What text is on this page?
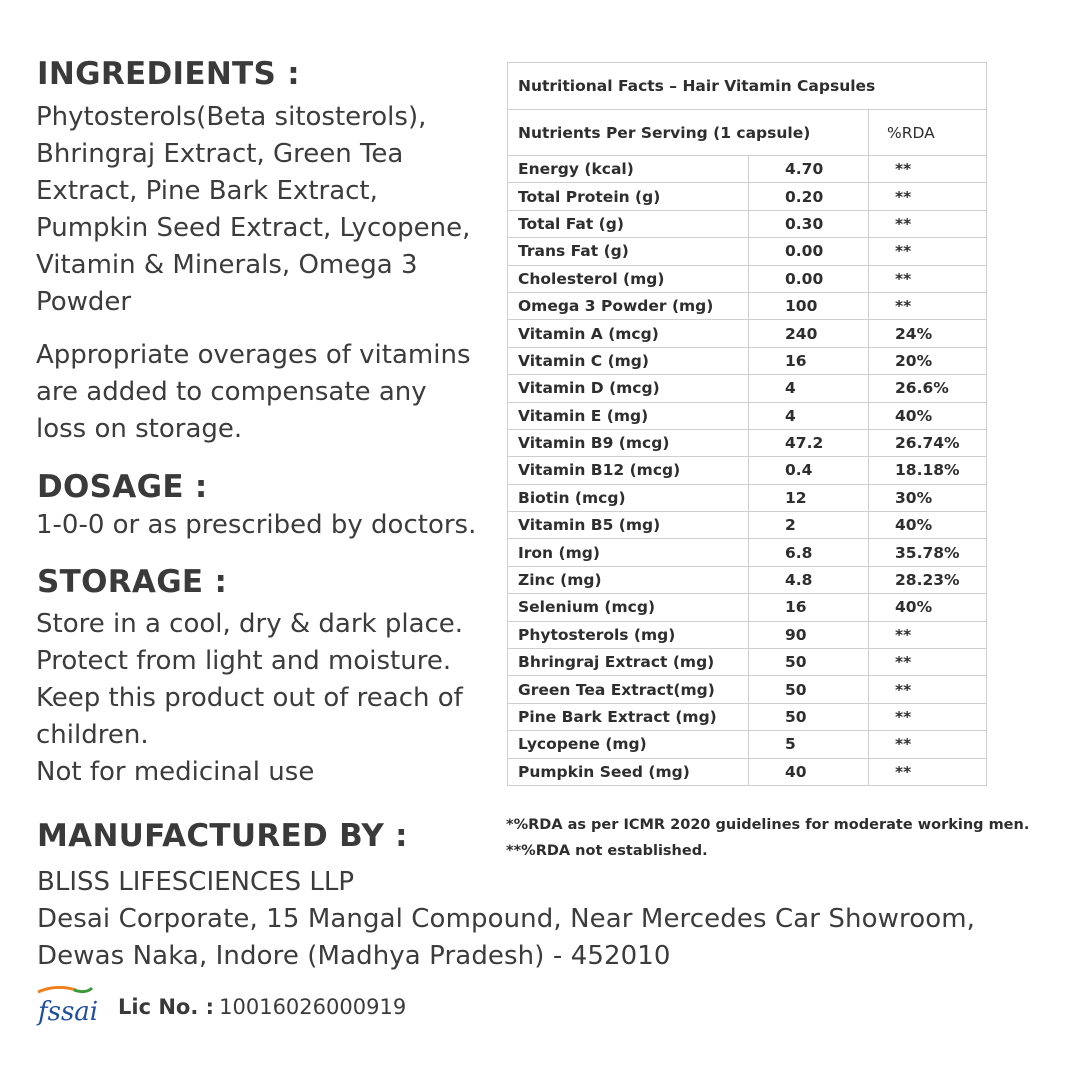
INGREDIENTS :
Phytosterols(Beta sitosterols),
Bhringraj Extract, Green Tea
Extract, Pine Bark Extract,
Pumpkin Seed Extract, Lycopene,
Vitamin & Minerals, Omega 3
Powder
Appropriate overages of vitamins
are added to compensate any
loss on storage.
DOSAGE :
1-0-0 or as prescribed by doctors.
STORAGE :
Store in a cool, dry & dark place.
Protect from light and moisture.
Keep this product out of reach of
children.
Not for medicinal use
Nutritional Facts – Hair Vitamin Capsules		
Nutrients Per Serving (1 capsule)		%RDA
Energy (kcal)	4.70	**
Total Protein (g)	0.20	**
Total Fat (g)	0.30	**
Trans Fat (g)	0.00	**
Cholesterol (mg)	0.00	**
Omega 3 Powder (mg)	100	**
Vitamin A (mcg)	240	24%
Vitamin C (mg)	16	20%
Vitamin D (mcg)	4	26.6%
Vitamin E (mg)	4	40%
Vitamin B9 (mcg)	47.2	26.74%
Vitamin B12 (mcg)	0.4	18.18%
Biotin (mcg)	12	30%
Vitamin B5 (mg)	2	40%
Iron (mg)	6.8	35.78%
Zinc (mg)	4.8	28.23%
Selenium (mcg)	16	40%
Phytosterols (mg)	90	**
Bhringraj Extract (mg)	50	**
Green Tea Extract(mg)	50	**
Pine Bark Extract (mg)	50	**
Lycopene (mg)	5	**
Pumpkin Seed (mg)	40	**
*%RDA as per ICMR 2020 guidelines for moderate working men.
**%RDA not established.
MANUFACTURED BY :
BLISS LIFESCIENCES LLP
Desai Corporate, 15 Mangal Compound, Near Mercedes Car Showroom,
Dewas Naka, Indore (Madhya Pradesh) - 452010
fssai Lic No. : 10016026000919
